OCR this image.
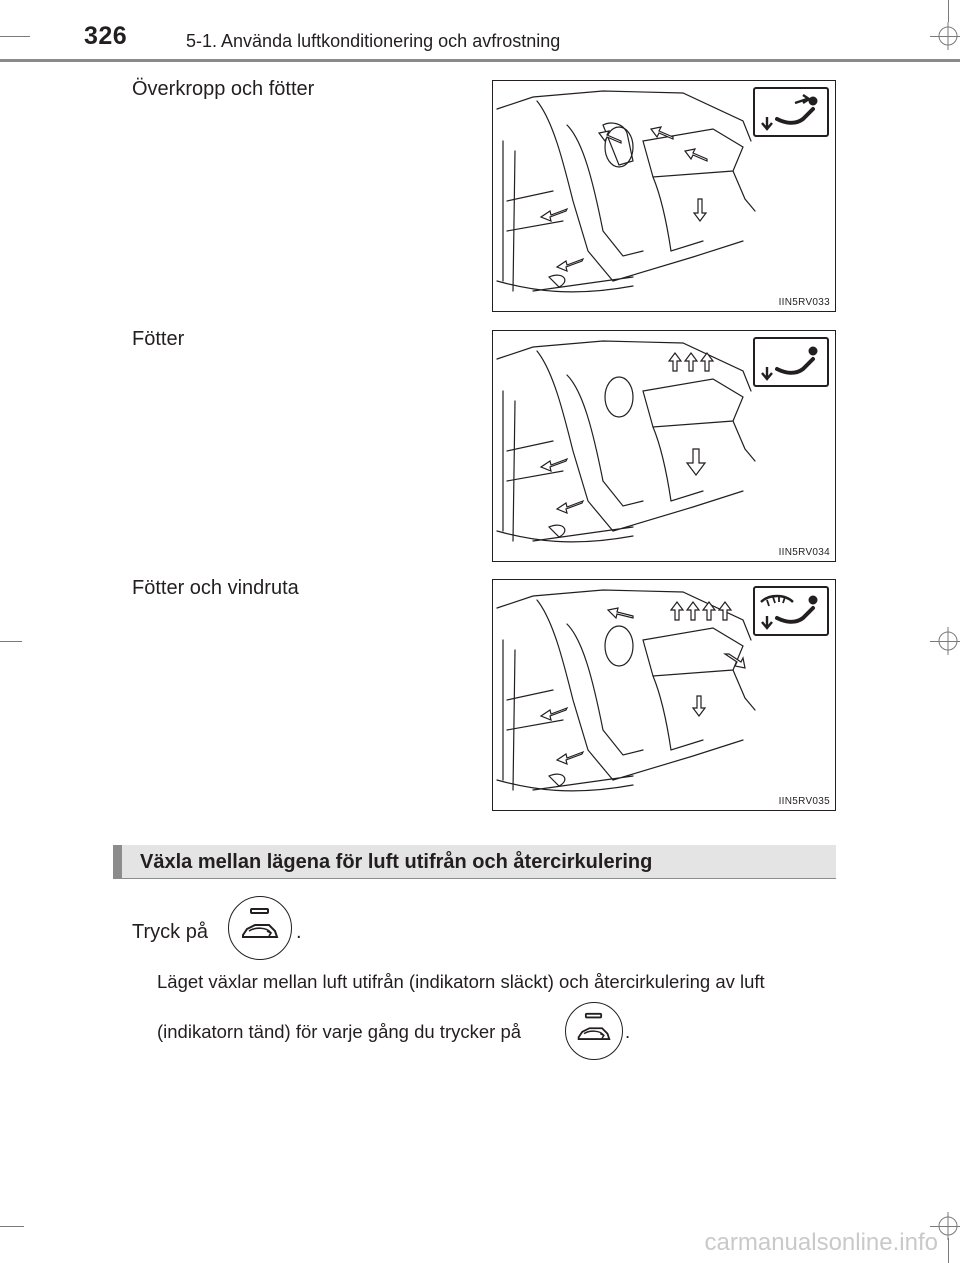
326	5-1. Använda luftkonditionering och avfrostning
Överkropp och fötter
IIN5RV033
Fötter
IIN5RV034
Fötter och vindruta
IIN5RV035
Växla mellan lägena för luft utifrån och återcirkulering
Tryck på	.
Läget växlar mellan luft utifrån (indikatorn släckt) och återcirkulering av luft
(indikatorn tänd) för varje gång du trycker på	.
carmanualsonline.info
